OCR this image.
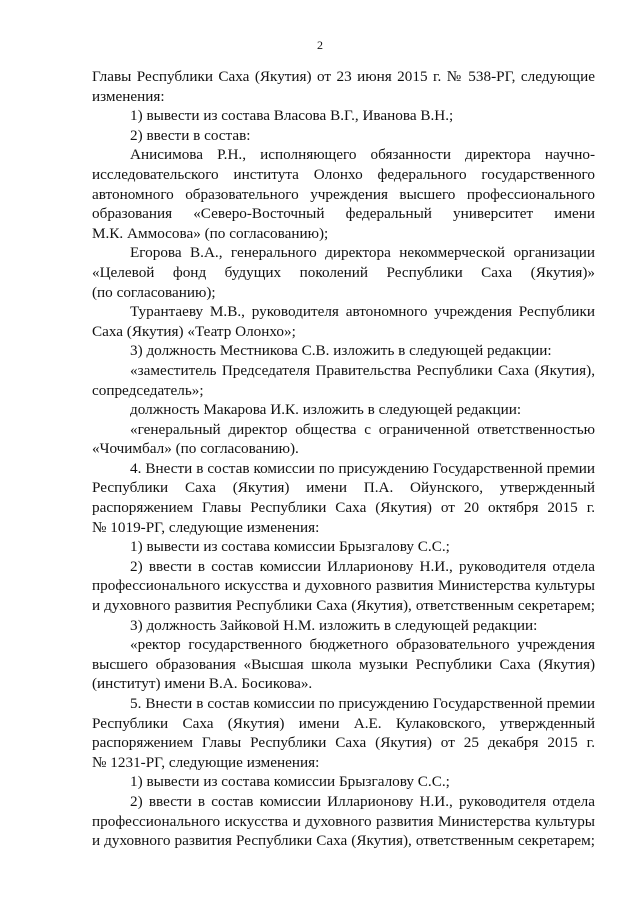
2
Главы Республики Саха (Якутия) от 23 июня 2015 г. № 538-РГ, следующие
изменения:
1) вывести из состава Власова В.Г., Иванова В.Н.;
2) ввести в состав:
Анисимова Р.Н., исполняющего обязанности директора научно-
исследовательского института Олонхо федерального государственного
автономного образовательного учреждения высшего профессионального
образования «Северо-Восточный федеральный университет имени
М.К. Аммосова» (по согласованию);
Егорова В.А., генерального директора некоммерческой организации
«Целевой фонд будущих поколений Республики Саха (Якутия)»
(по согласованию);
Турантаеву М.В., руководителя автономного учреждения Республики
Саха (Якутия) «Театр Олонхо»;
3) должность Местникова С.В. изложить в следующей редакции:
«заместитель Председателя Правительства Республики Саха (Якутия),
сопредседатель»;
должность Макарова И.К. изложить в следующей редакции:
«генеральный директор общества с ограниченной ответственностью
«Чочимбал» (по согласованию).
4. Внести в состав комиссии по присуждению Государственной премии
Республики Саха (Якутия) имени П.А. Ойунского, утвержденный
распоряжением Главы Республики Саха (Якутия) от 20 октября 2015 г.
№ 1019-РГ, следующие изменения:
1) вывести из состава комиссии Брызгалову С.С.;
2) ввести в состав комиссии Илларионову Н.И., руководителя отдела
профессионального искусства и духовного развития Министерства культуры
и духовного развития Республики Саха (Якутия), ответственным секретарем;
3) должность Зайковой Н.М. изложить в следующей редакции:
«ректор государственного бюджетного образовательного учреждения
высшего образования «Высшая школа музыки Республики Саха (Якутия)
(институт) имени В.А. Босикова».
5. Внести в состав комиссии по присуждению Государственной премии
Республики Саха (Якутия) имени А.Е. Кулаковского, утвержденный
распоряжением Главы Республики Саха (Якутия) от 25 декабря 2015 г.
№ 1231-РГ, следующие изменения:
1) вывести из состава комиссии Брызгалову С.С.;
2) ввести в состав комиссии Илларионову Н.И., руководителя отдела
профессионального искусства и духовного развития Министерства культуры
и духовного развития Республики Саха (Якутия), ответственным секретарем;
